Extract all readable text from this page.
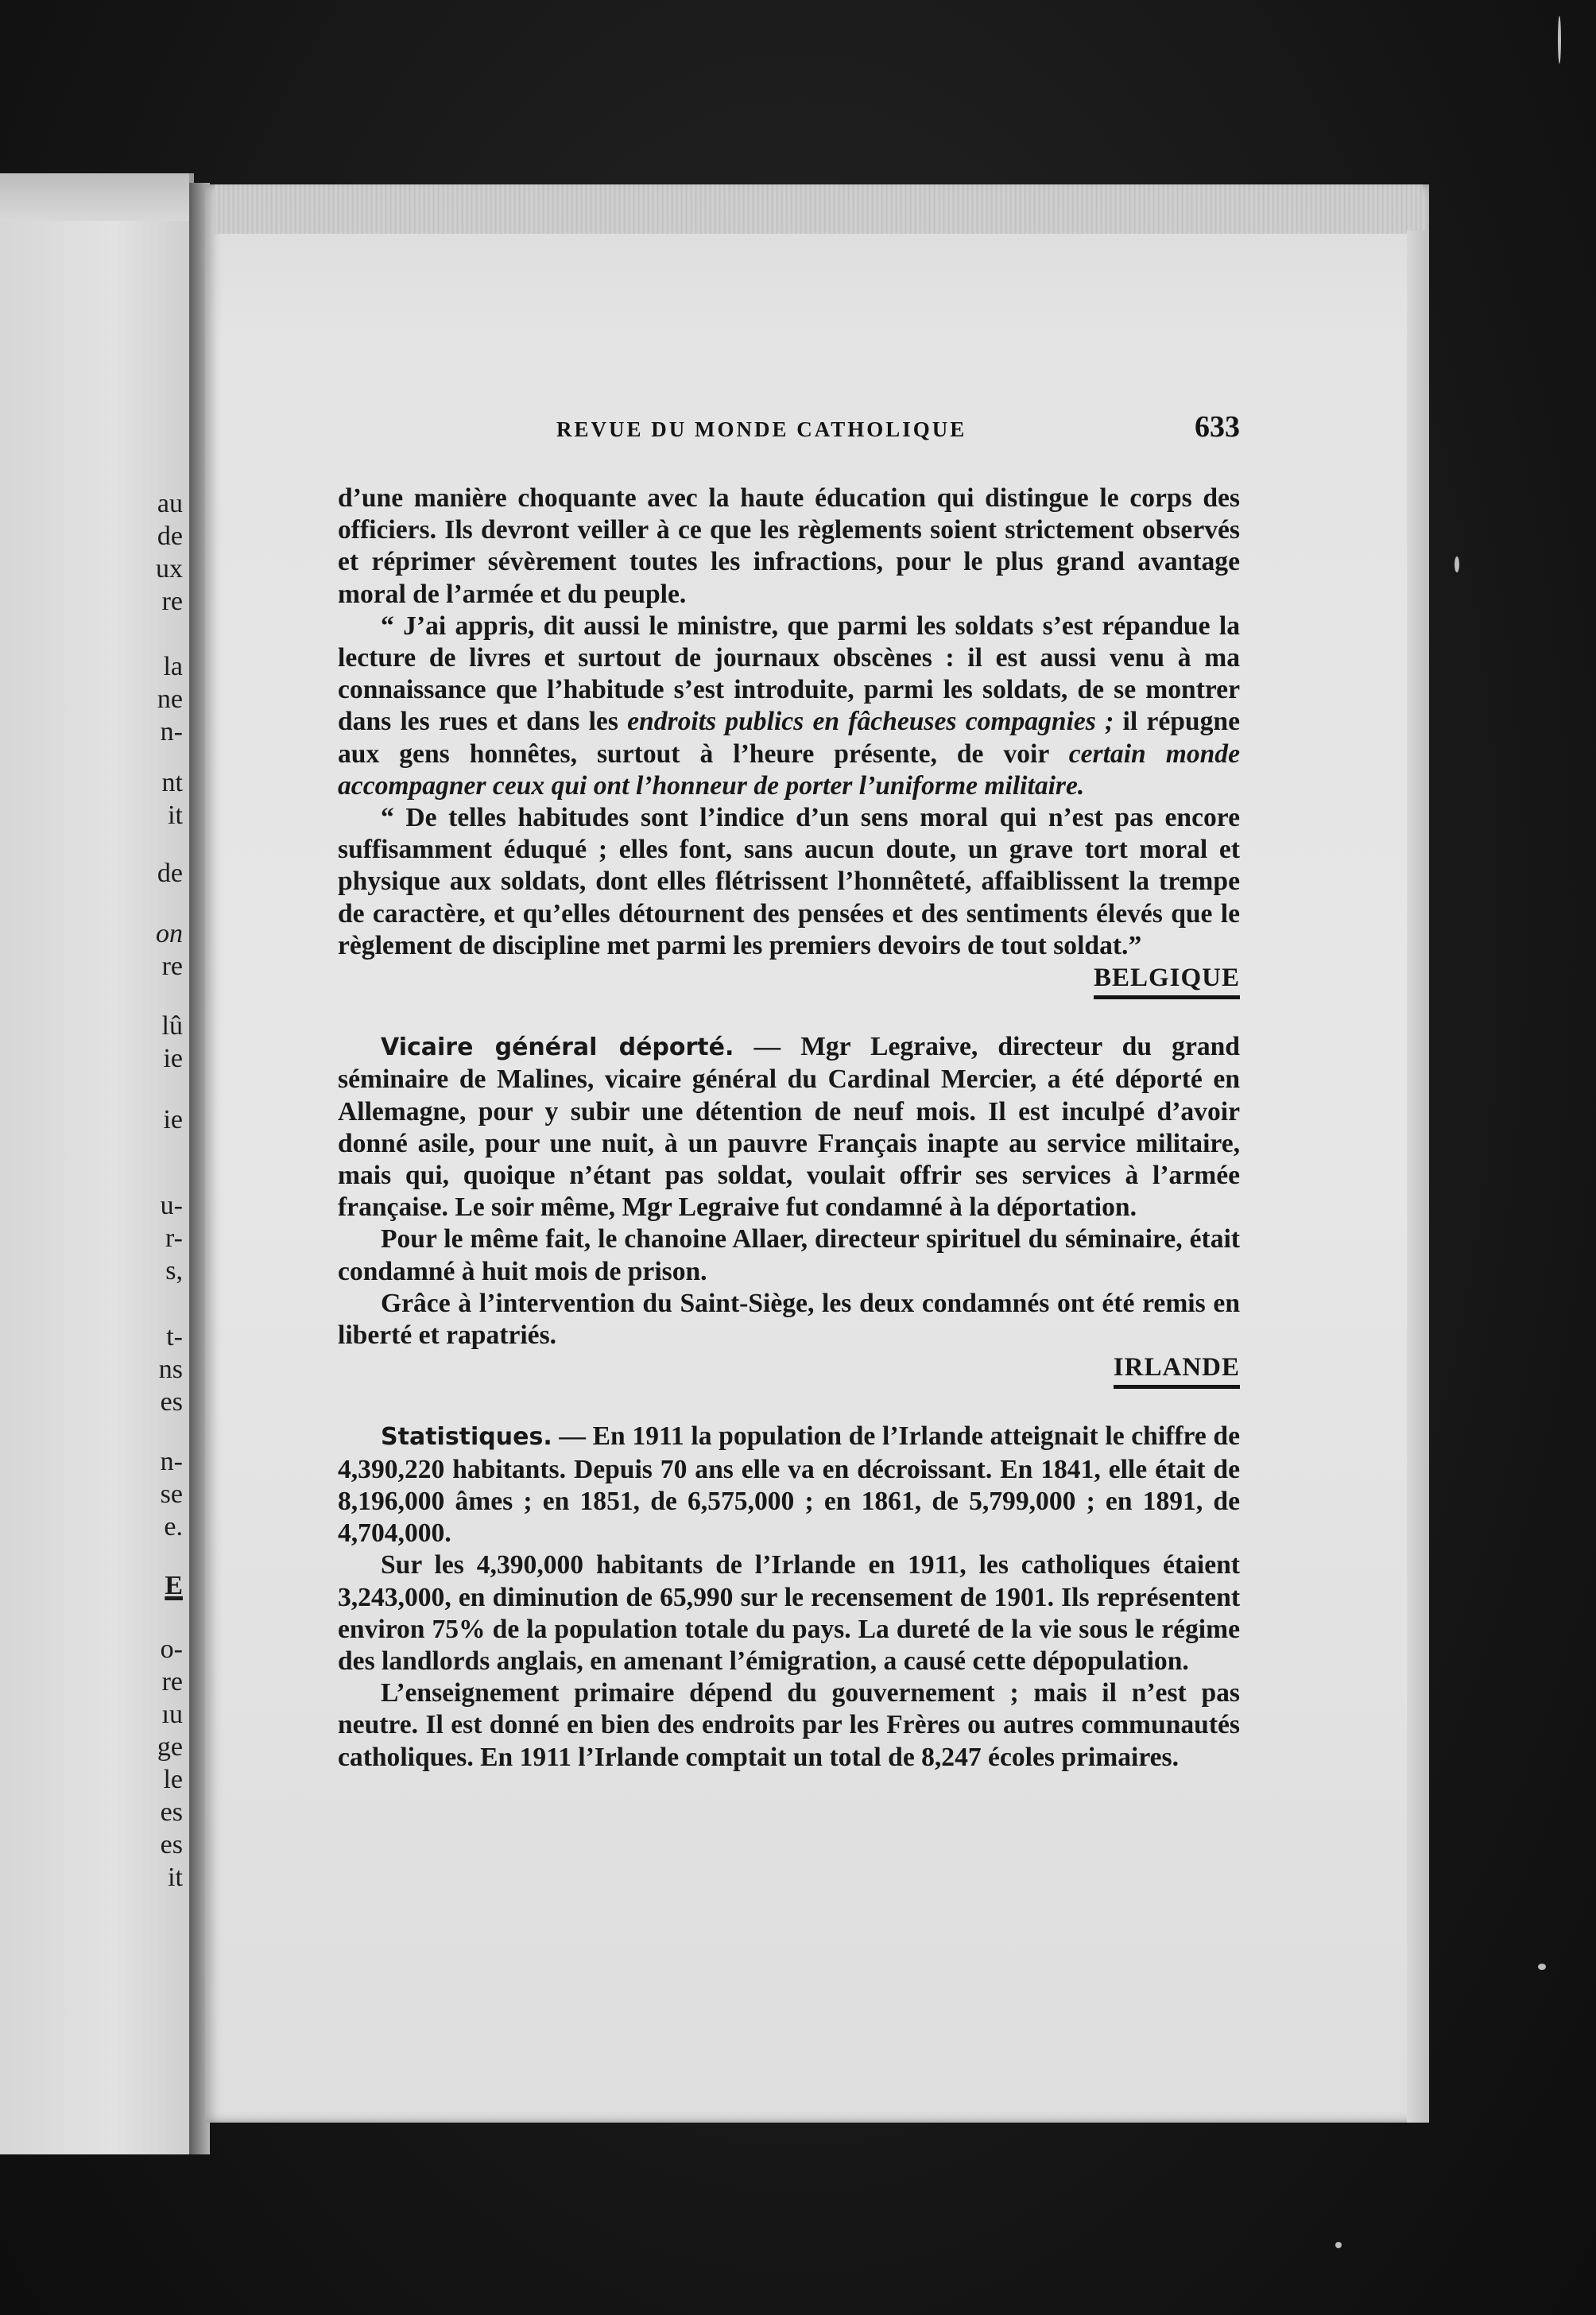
au
de
ux
re
la
ne
n-
nt
it
de
on
re
lû
ie
ie
u-
r-
s,
t-
ns
es
n-
se
e.
E
o-
re
ıu
ge
le
es
es
it
REVUE DU MONDE CATHOLIQUE	633

d’une manière choquante avec la haute éducation qui distingue le corps des officiers. Ils devront veiller à ce que les règlements soient strictement observés et réprimer sévèrement toutes les infractions, pour le plus grand avantage moral de l’armée et du peuple.

“ J’ai appris, dit aussi le ministre, que parmi les soldats s’est répandue la lecture de livres et surtout de journaux obscènes : il est aussi venu à ma connaissance que l’habitude s’est introduite, parmi les soldats, de se montrer dans les rues et dans les endroits publics en fâcheuses compagnies ; il répugne aux gens honnêtes, surtout à l’heure présente, de voir certain monde accompagner ceux qui ont l’honneur de porter l’uniforme militaire.

“ De telles habitudes sont l’indice d’un sens moral qui n’est pas encore suffisamment éduqué ; elles font, sans aucun doute, un grave tort moral et physique aux soldats, dont elles flétrissent l’honnêteté, affaiblissent la trempe de caractère, et qu’elles détournent des pensées et des sentiments élevés que le règlement de discipline met parmi les premiers devoirs de tout soldat.”

BELGIQUE

Vicaire général déporté. — Mgr Legraive, directeur du grand séminaire de Malines, vicaire général du Cardinal Mercier, a été déporté en Allemagne, pour y subir une détention de neuf mois. Il est inculpé d’avoir donné asile, pour une nuit, à un pauvre Français inapte au service militaire, mais qui, quoique n’étant pas soldat, voulait offrir ses services à l’armée française. Le soir même, Mgr Legraive fut condamné à la déportation.

Pour le même fait, le chanoine Allaer, directeur spirituel du séminaire, était condamné à huit mois de prison.

Grâce à l’intervention du Saint-Siège, les deux condamnés ont été remis en liberté et rapatriés.

IRLANDE

Statistiques. — En 1911 la population de l’Irlande atteignait le chiffre de 4,390,220 habitants. Depuis 70 ans elle va en décroissant. En 1841, elle était de 8,196,000 âmes ; en 1851, de 6,575,000 ; en 1861, de 5,799,000 ; en 1891, de 4,704,000.

Sur les 4,390,000 habitants de l’Irlande en 1911, les catholiques étaient 3,243,000, en diminution de 65,990 sur le recensement de 1901. Ils représentent environ 75% de la population totale du pays. La dureté de la vie sous le régime des landlords anglais, en amenant l’émigration, a causé cette dépopulation.

L’enseignement primaire dépend du gouvernement ; mais il n’est pas neutre. Il est donné en bien des endroits par les Frères ou autres communautés catholiques. En 1911 l’Irlande comptait un total de 8,247 écoles primaires.
